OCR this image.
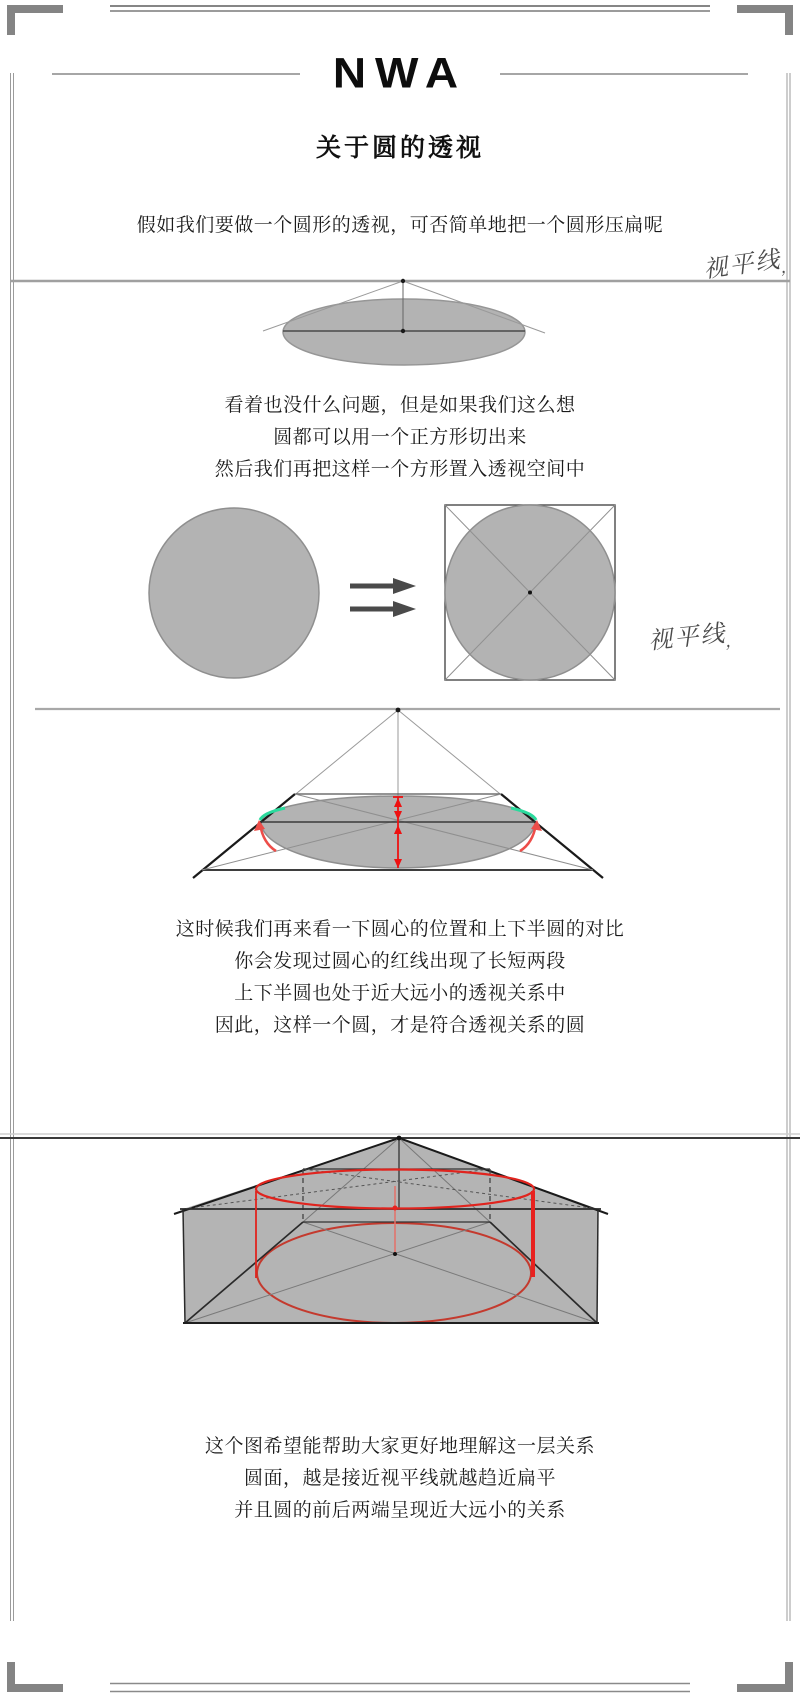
NWA
关于圆的透视
假如我们要做一个圆形的透视，可否简单地把一个圆形压扁呢
视平线$_,$
视平线$_,$
看着也没什么问题，但是如果我们这么想
圆都可以用一个正方形切出来
然后我们再把这样一个方形置入透视空间中
这时候我们再来看一下圆心的位置和上下半圆的对比
你会发现过圆心的红线出现了长短两段
上下半圆也处于近大远小的透视关系中
因此，这样一个圆，才是符合透视关系的圆
这个图希望能帮助大家更好地理解这一层关系
圆面，越是接近视平线就越趋近扁平
并且圆的前后两端呈现近大远小的关系
